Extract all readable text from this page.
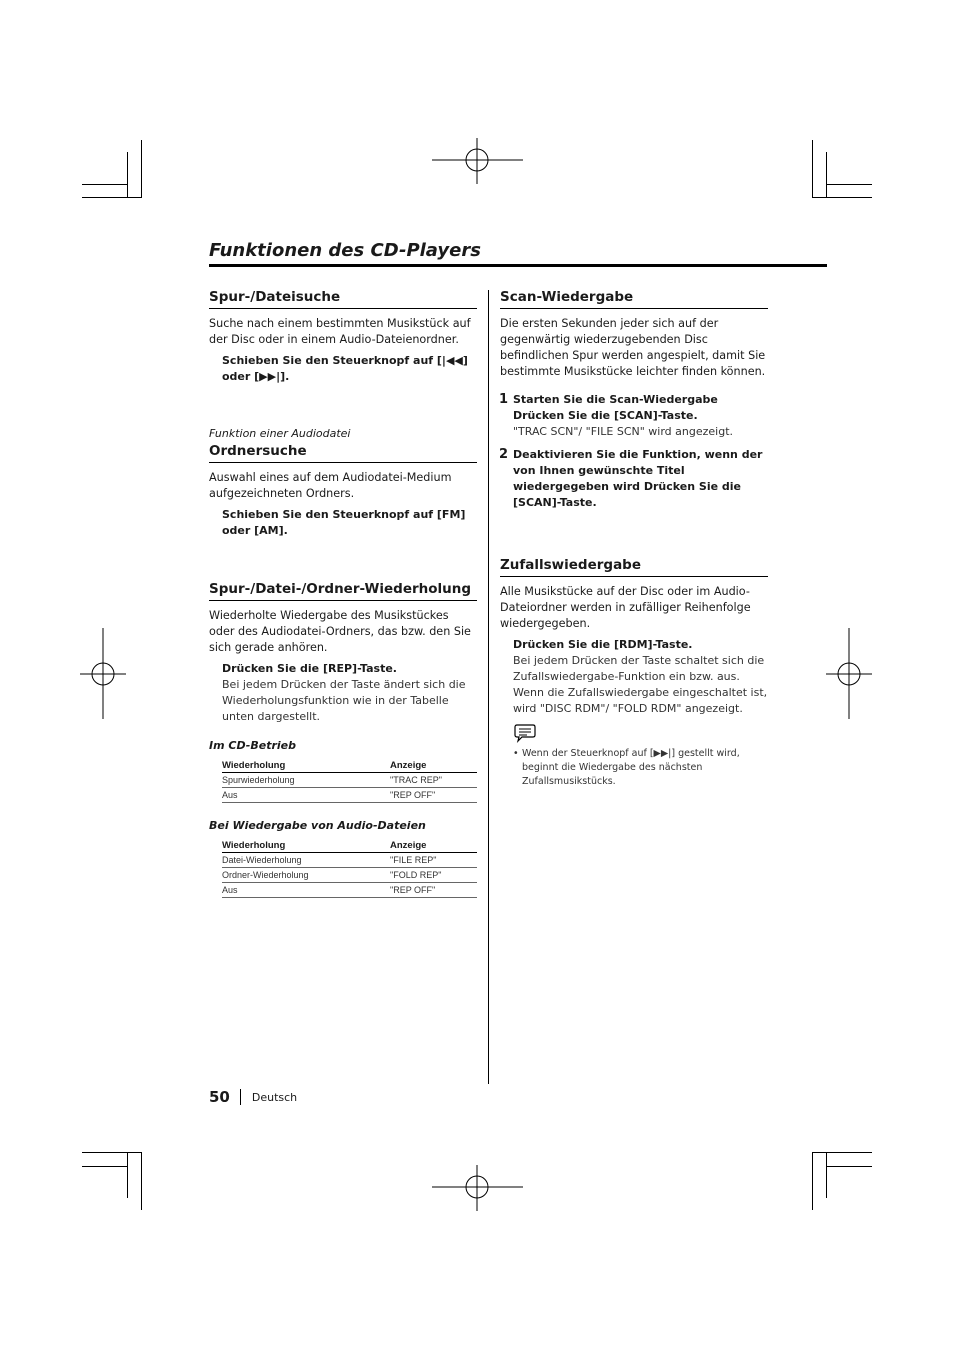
Funktionen des CD-Players
Spur-/Dateisuche

Suche nach einem bestimmten Musikstück auf der Disc oder in einem Audio-Dateienordner.

Schieben Sie den Steuerknopf auf [|◀◀] oder [▶▶|].

Funktion einer Audiodatei

Ordnersuche

Auswahl eines auf dem Audiodatei-Medium aufgezeichneten Ordners.

Schieben Sie den Steuerknopf auf [FM] oder [AM].

Spur-/Datei-/Ordner-Wiederholung

Wiederholte Wiedergabe des Musikstückes oder des Audiodatei-Ordners, das bzw. den Sie sich gerade anhören.

Drücken Sie die [REP]-Taste.

Bei jedem Drücken der Taste ändert sich die Wiederholungsfunktion wie in der Tabelle unten dargestellt.

Im CD-Betrieb

Wiederholung	Anzeige
Spurwiederholung	"TRAC REP"
Aus	"REP OFF"

Bei Wiedergabe von Audio-Dateien

Wiederholung	Anzeige
Datei-Wiederholung	"FILE REP"
Ordner-Wiederholung	"FOLD REP"
Aus	"REP OFF"
Scan-Wiedergabe

Die ersten Sekunden jeder sich auf der gegenwärtig wiederzugebenden Disc befindlichen Spur werden angespielt, damit Sie bestimmte Musikstücke leichter finden können.

1 Starten Sie die Scan-Wiedergabe

Drücken Sie die [SCAN]-Taste.

"TRAC SCN"/ "FILE SCN" wird angezeigt.

2 Deaktivieren Sie die Funktion, wenn der von Ihnen gewünschte Titel wiedergegeben wird Drücken Sie die [SCAN]-Taste.

Zufallswiedergabe

Alle Musikstücke auf der Disc oder im Audio-Dateiordner werden in zufälliger Reihenfolge wiedergegeben.

Drücken Sie die [RDM]-Taste.

Bei jedem Drücken der Taste schaltet sich die Zufallswiedergabe-Funktion ein bzw. aus.

Wenn die Zufallswiedergabe eingeschaltet ist, wird "DISC RDM"/ "FOLD RDM" angezeigt.

• Wenn der Steuerknopf auf [▶▶|] gestellt wird, beginnt die Wiedergabe des nächsten Zufallsmusikstücks.

50 Deutsch
